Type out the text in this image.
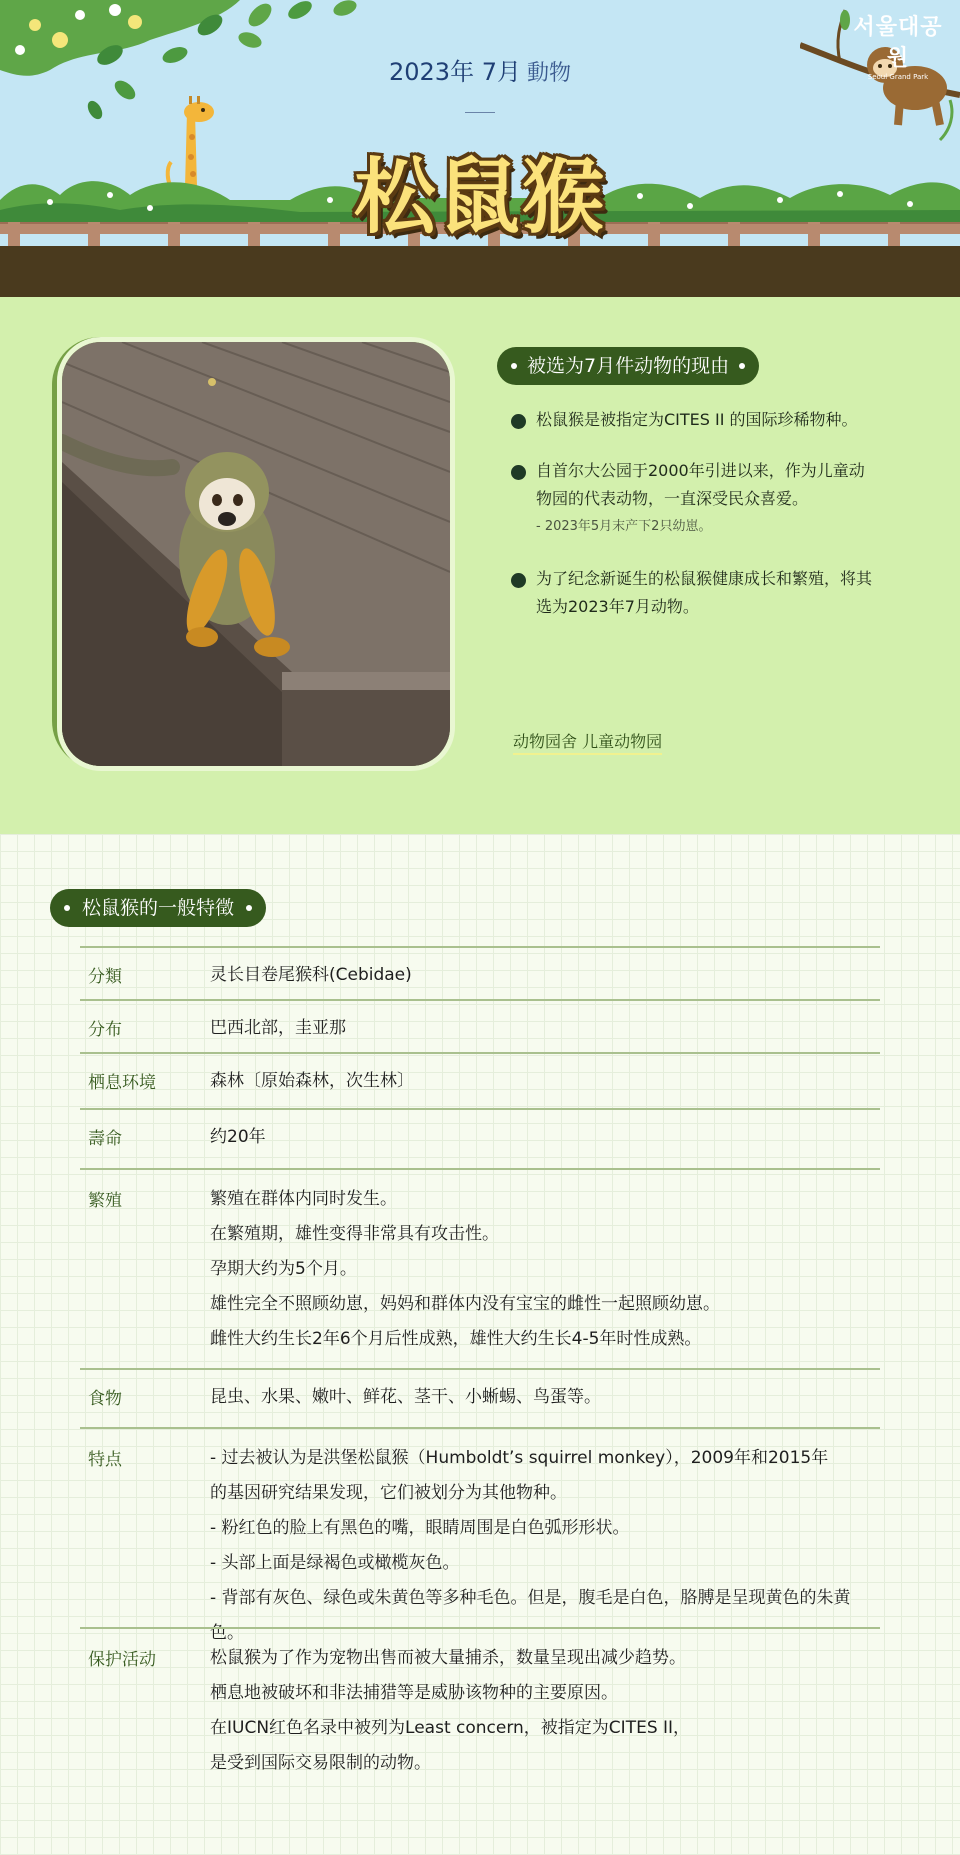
서울대공원
Seoul Grand Park
2023年 7月 動物
松鼠猴
被选为7月件动物的现由
松鼠猴是被指定为CITES II 的国际珍稀物种。
自首尔大公园于2000年引进以来，作为儿童动物园的代表动物，一直深受民众喜爱。
- 2023年5月末产下2只幼崽。
为了纪念新诞生的松鼠猴健康成长和繁殖，将其选为2023年7月动物。
动物园舍 儿童动物园
松鼠猴的一般特徵
分類	灵长目卷尾猴科(Cebidae)
分布	巴西北部，圭亚那
栖息环境	森林〔原始森林，次生林〕
壽命	约20年
繁殖	繁殖在群体内同时发生。
在繁殖期，雄性变得非常具有攻击性。
孕期大约为5个月。
雄性完全不照顾幼崽，妈妈和群体内没有宝宝的雌性一起照顾幼崽。
雌性大约生长2年6个月后性成熟，雄性大约生长4-5年时性成熟。
食物	昆虫、水果、嫩叶、鲜花、茎干、小蜥蜴、鸟蛋等。
特点	- 过去被认为是洪堡松鼠猴（Humboldt’s squirrel monkey），2009年和2015年
的基因研究结果发现，它们被划分为其他物种。
- 粉红色的脸上有黑色的嘴，眼睛周围是白色弧形形状。
- 头部上面是绿褐色或橄榄灰色。
- 背部有灰色、绿色或朱黄色等多种毛色。但是，腹毛是白色，胳膊是呈现黄色的朱黄色。
保护活动	松鼠猴为了作为宠物出售而被大量捕杀，数量呈现出减少趋势。
栖息地被破坏和非法捕猎等是威胁该物种的主要原因。
在IUCN红色名录中被列为Least concern，被指定为CITES II，
是受到国际交易限制的动物。
